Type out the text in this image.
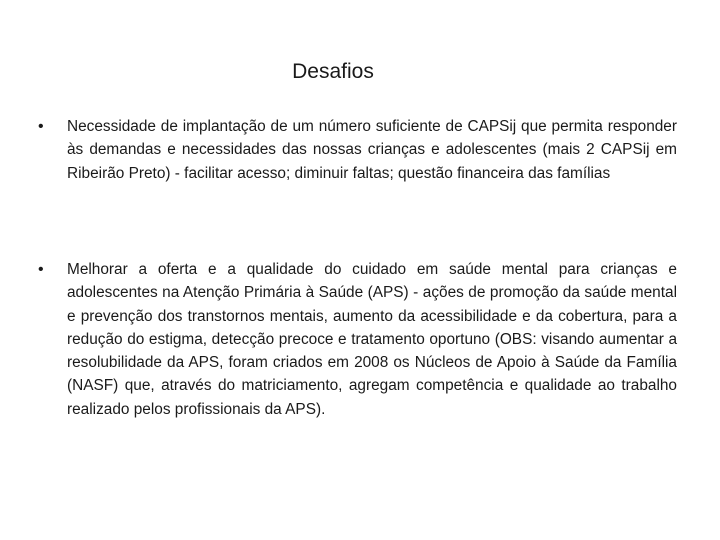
Desafios
• Necessidade de implantação de um número suficiente de CAPSij que permita responder às demandas e necessidades das nossas crianças e adolescentes (mais 2 CAPSij em Ribeirão Preto) - facilitar acesso; diminuir faltas; questão financeira das famílias

• Melhorar a oferta e a qualidade do cuidado em saúde mental para crianças e adolescentes na Atenção Primária à Saúde (APS) - ações de promoção da saúde mental e prevenção dos transtornos mentais, aumento da acessibilidade e da cobertura, para a redução do estigma, detecção precoce e tratamento oportuno (OBS: visando aumentar a resolubilidade da APS, foram criados em 2008 os Núcleos de Apoio à Saúde da Família (NASF) que, através do matriciamento, agregam competência e qualidade ao trabalho realizado pelos profissionais da APS).
